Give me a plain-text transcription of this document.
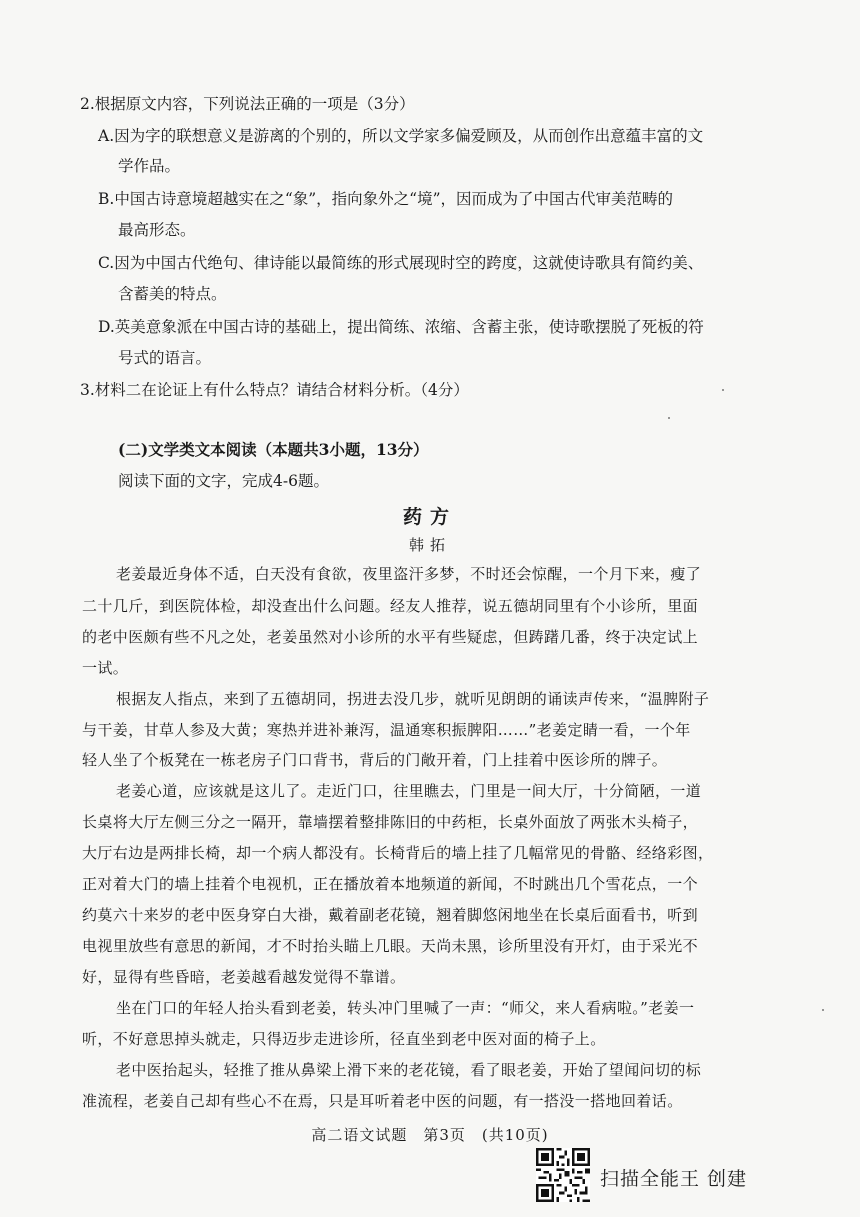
2.根据原文内容，下列说法正确的一项是（3分）
A.因为字的联想意义是游离的个别的，所以文学家多偏爱顾及，从而创作出意蕴丰富的文
学作品。
B.中国古诗意境超越实在之“象”，指向象外之“境”，因而成为了中国古代审美范畴的
最高形态。
C.因为中国古代绝句、律诗能以最简练的形式展现时空的跨度，这就使诗歌具有简约美、
含蓄美的特点。
D.英美意象派在中国古诗的基础上，提出简练、浓缩、含蓄主张，使诗歌摆脱了死板的符
号式的语言。
3.材料二在论证上有什么特点？请结合材料分析。（4分）
(二)文学类文本阅读（本题共3小题，13分）
阅读下面的文字，完成4-6题。
药方
韩拓
老姜最近身体不适，白天没有食欲，夜里盗汗多梦，不时还会惊醒，一个月下来，瘦了
二十几斤，到医院体检，却没查出什么问题。经友人推荐，说五德胡同里有个小诊所，里面
的老中医颇有些不凡之处，老姜虽然对小诊所的水平有些疑虑，但踌躇几番，终于决定试上
一试。
根据友人指点，来到了五德胡同，拐进去没几步，就听见朗朗的诵读声传来，“温脾附子
与干姜，甘草人参及大黄；寒热并进补兼泻，温通寒积振脾阳……”老姜定睛一看，一个年
轻人坐了个板凳在一栋老房子门口背书，背后的门敞开着，门上挂着中医诊所的牌子。
老姜心道，应该就是这儿了。走近门口，往里瞧去，门里是一间大厅，十分简陋，一道
长桌将大厅左侧三分之一隔开，靠墙摆着整排陈旧的中药柜，长桌外面放了两张木头椅子，
大厅右边是两排长椅，却一个病人都没有。长椅背后的墙上挂了几幅常见的骨骼、经络彩图，
正对着大门的墙上挂着个电视机，正在播放着本地频道的新闻，不时跳出几个雪花点，一个
约莫六十来岁的老中医身穿白大褂，戴着副老花镜，翘着脚悠闲地坐在长桌后面看书，听到
电视里放些有意思的新闻，才不时抬头瞄上几眼。天尚未黑，诊所里没有开灯，由于采光不
好，显得有些昏暗，老姜越看越发觉得不靠谱。
坐在门口的年轻人抬头看到老姜，转头冲门里喊了一声：“师父，来人看病啦。”老姜一
听，不好意思掉头就走，只得迈步走进诊所，径直坐到老中医对面的椅子上。
老中医抬起头，轻推了推从鼻梁上滑下来的老花镜，看了眼老姜，开始了望闻问切的标
准流程，老姜自己却有些心不在焉，只是耳听着老中医的问题，有一搭没一搭地回着话。
高二语文试题　第3页　(共10页)
扫描全能王 创建
